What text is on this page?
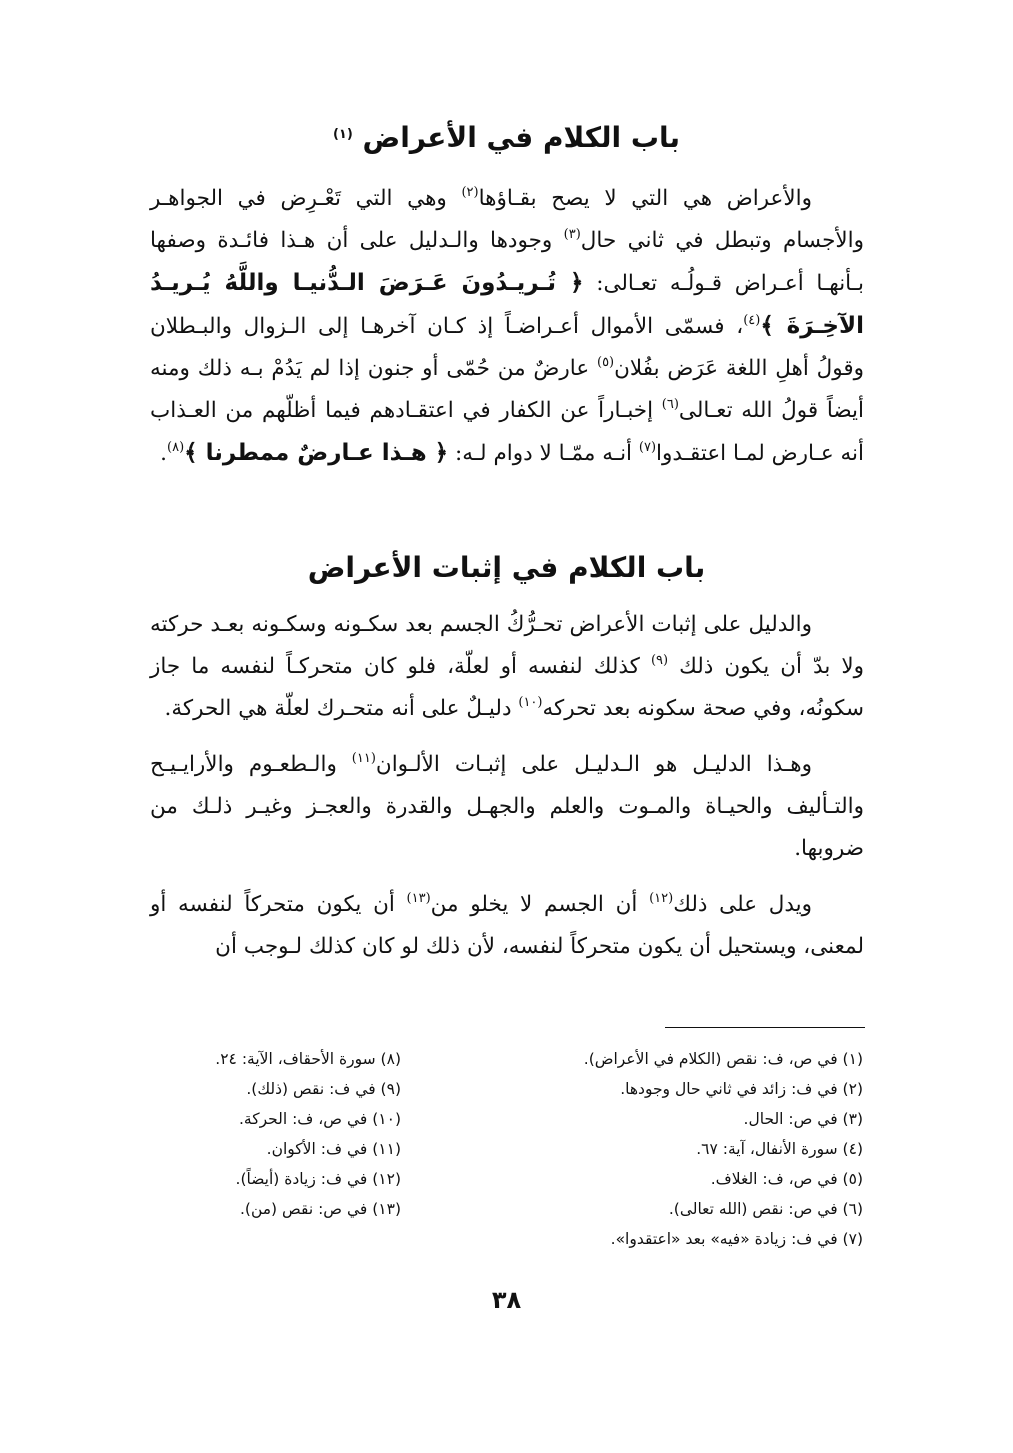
باب الكلام في الأعراض $^{(١)}$

والأعراض هي التي لا يصح بقـاؤها$^{(٢)}$ وهي التي تَعْـرِض في الجواهـر والأجسام وتبطل في ثاني حال$^{(٣)}$ وجودها والـدليل على أن هـذا فائـدة وصفها بـأنهـا أعـراض قـولُـه تعـالى: ﴿ تُـريـدُونَ عَـرَضَ الـدُّنيـا واللَّهُ يُـريـدُ الآخِـرَةَ ﴾$^{(٤)}$، فسمّى الأموال أعـراضـاً إذ كـان آخرهـا إلى الـزوال والبـطلان وقولُ أهلِ اللغة عَرَض بفُلان$^{(٥)}$ عارضٌ من حُمّى أو جنون إذا لم يَدُمْ بـه ذلك ومنه أيضاً قولُ الله تعـالى$^{(٦)}$ إخبـاراً عن الكفار في اعتقـادهم فيما أظلّهم من العـذاب أنه عـارض لمـا اعتقـدوا$^{(٧)}$ أنـه ممّـا لا دوام لـه: ﴿ هـذا عـارضٌ ممطرنا ﴾$^{(٨)}$.

باب الكلام في إثبات الأعراض

والدليل على إثبات الأعراض تحـرُّكُ الجسم بعد سكـونه وسكـونه بعـد حركته ولا بدّ أن يكون ذلك $^{(٩)}$ كذلك لنفسه أو لعلّة، فلو كان متحركـاً لنفسه ما جاز سكونُه، وفي صحة سكونه بعد تحركه$^{(١٠)}$ دليـلٌ على أنه متحـرك لعلّة هي الحركة.

وهـذا الدليـل هو الـدليـل على إثبـات الألـوان$^{(١١)}$ والـطعـوم والأرايـيـح والتـأليف والحيـاة والمـوت والعلم والجهـل والقدرة والعجـز وغيـر ذلـك من ضروبها.

ويدل على ذلك$^{(١٢)}$ أن الجسم لا يخلو من$^{(١٣)}$ أن يكون متحركاً لنفسه أو لمعنى، ويستحيل أن يكون متحركاً لنفسه، لأن ذلك لو كان كذلك لـوجب أن

(١) في ص، ف: نقص (الكلام في الأعراض).
(٢) في ف: زائد في ثاني حال وجودها.
(٣) في ص: الحال.
(٤) سورة الأنفال، آية: ٦٧.
(٥) في ص، ف: الغلاف.
(٦) في ص: نقص (الله تعالى).
(٧) في ف: زيادة «فيه» بعد «اعتقدوا».
(٨) سورة الأحقاف، الآية: ٢٤.
(٩) في ف: نقص (ذلك).
(١٠) في ص، ف: الحركة.
(١١) في ف: الأكوان.
(١٢) في ف: زيادة (أيضاً).
(١٣) في ص: نقص (من).
٣٨
